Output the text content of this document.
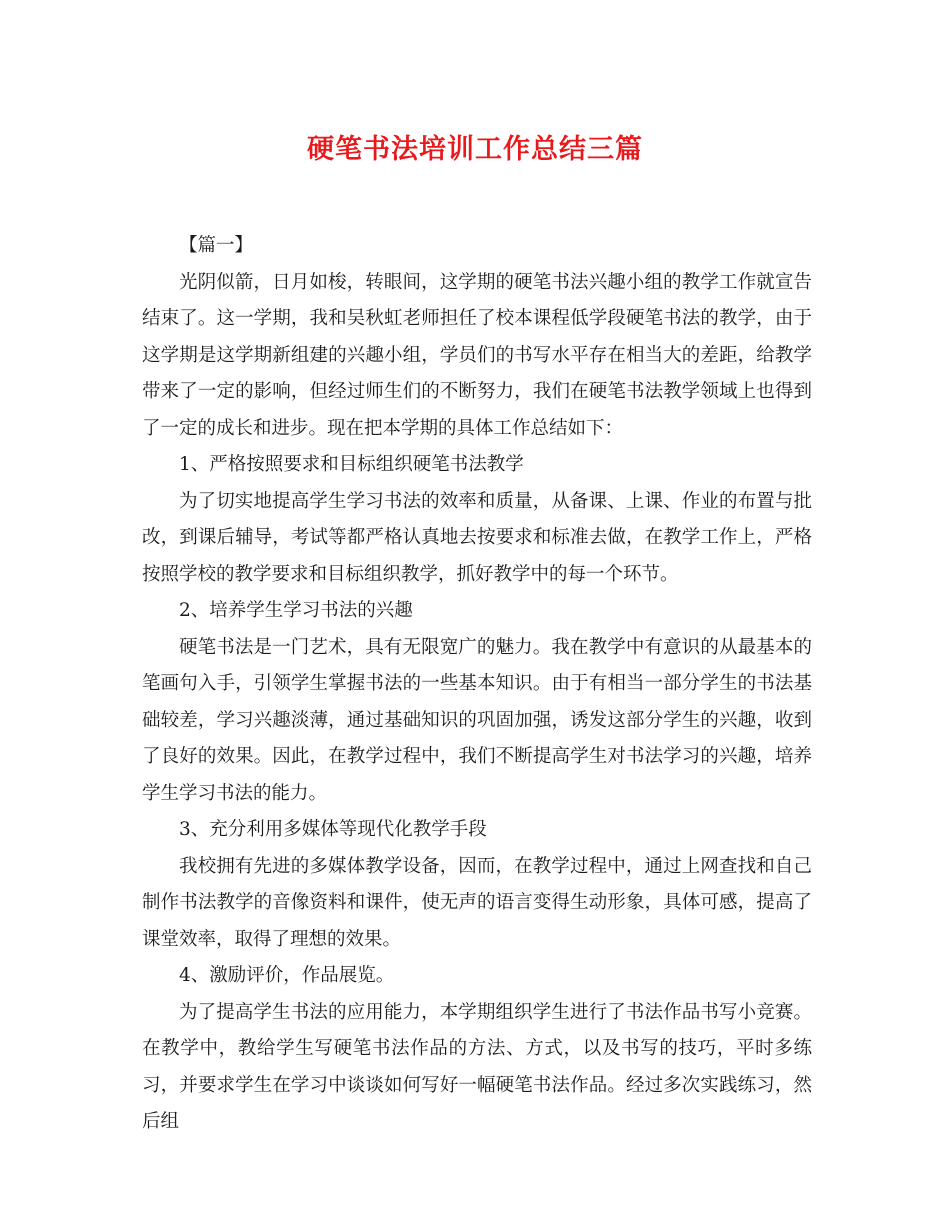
硬笔书法培训工作总结三篇

【篇一】

光阴似箭，日月如梭，转眼间，这学期的硬笔书法兴趣小组的教学工作就宣告结束了。这一学期，我和吴秋虹老师担任了校本课程低学段硬笔书法的教学，由于这学期是这学期新组建的兴趣小组，学员们的书写水平存在相当大的差距，给教学带来了一定的影响，但经过师生们的不断努力，我们在硬笔书法教学领域上也得到了一定的成长和进步。现在把本学期的具体工作总结如下：

1、严格按照要求和目标组织硬笔书法教学

为了切实地提高学生学习书法的效率和质量，从备课、上课、作业的布置与批改，到课后辅导，考试等都严格认真地去按要求和标准去做，在教学工作上，严格按照学校的教学要求和目标组织教学，抓好教学中的每一个环节。

2、培养学生学习书法的兴趣

硬笔书法是一门艺术，具有无限宽广的魅力。我在教学中有意识的从最基本的笔画句入手，引领学生掌握书法的一些基本知识。由于有相当一部分学生的书法基础较差，学习兴趣淡薄，通过基础知识的巩固加强，诱发这部分学生的兴趣，收到了良好的效果。因此，在教学过程中，我们不断提高学生对书法学习的兴趣，培养学生学习书法的能力。

3、充分利用多媒体等现代化教学手段

我校拥有先进的多媒体教学设备，因而，在教学过程中，通过上网查找和自己制作书法教学的音像资料和课件，使无声的语言变得生动形象，具体可感，提高了课堂效率，取得了理想的效果。

4、激励评价，作品展览。

为了提高学生书法的应用能力，本学期组织学生进行了书法作品书写小竞赛。在教学中，教给学生写硬笔书法作品的方法、方式，以及书写的技巧，平时多练习，并要求学生在学习中谈谈如何写好一幅硬笔书法作品。经过多次实践练习，然后组
